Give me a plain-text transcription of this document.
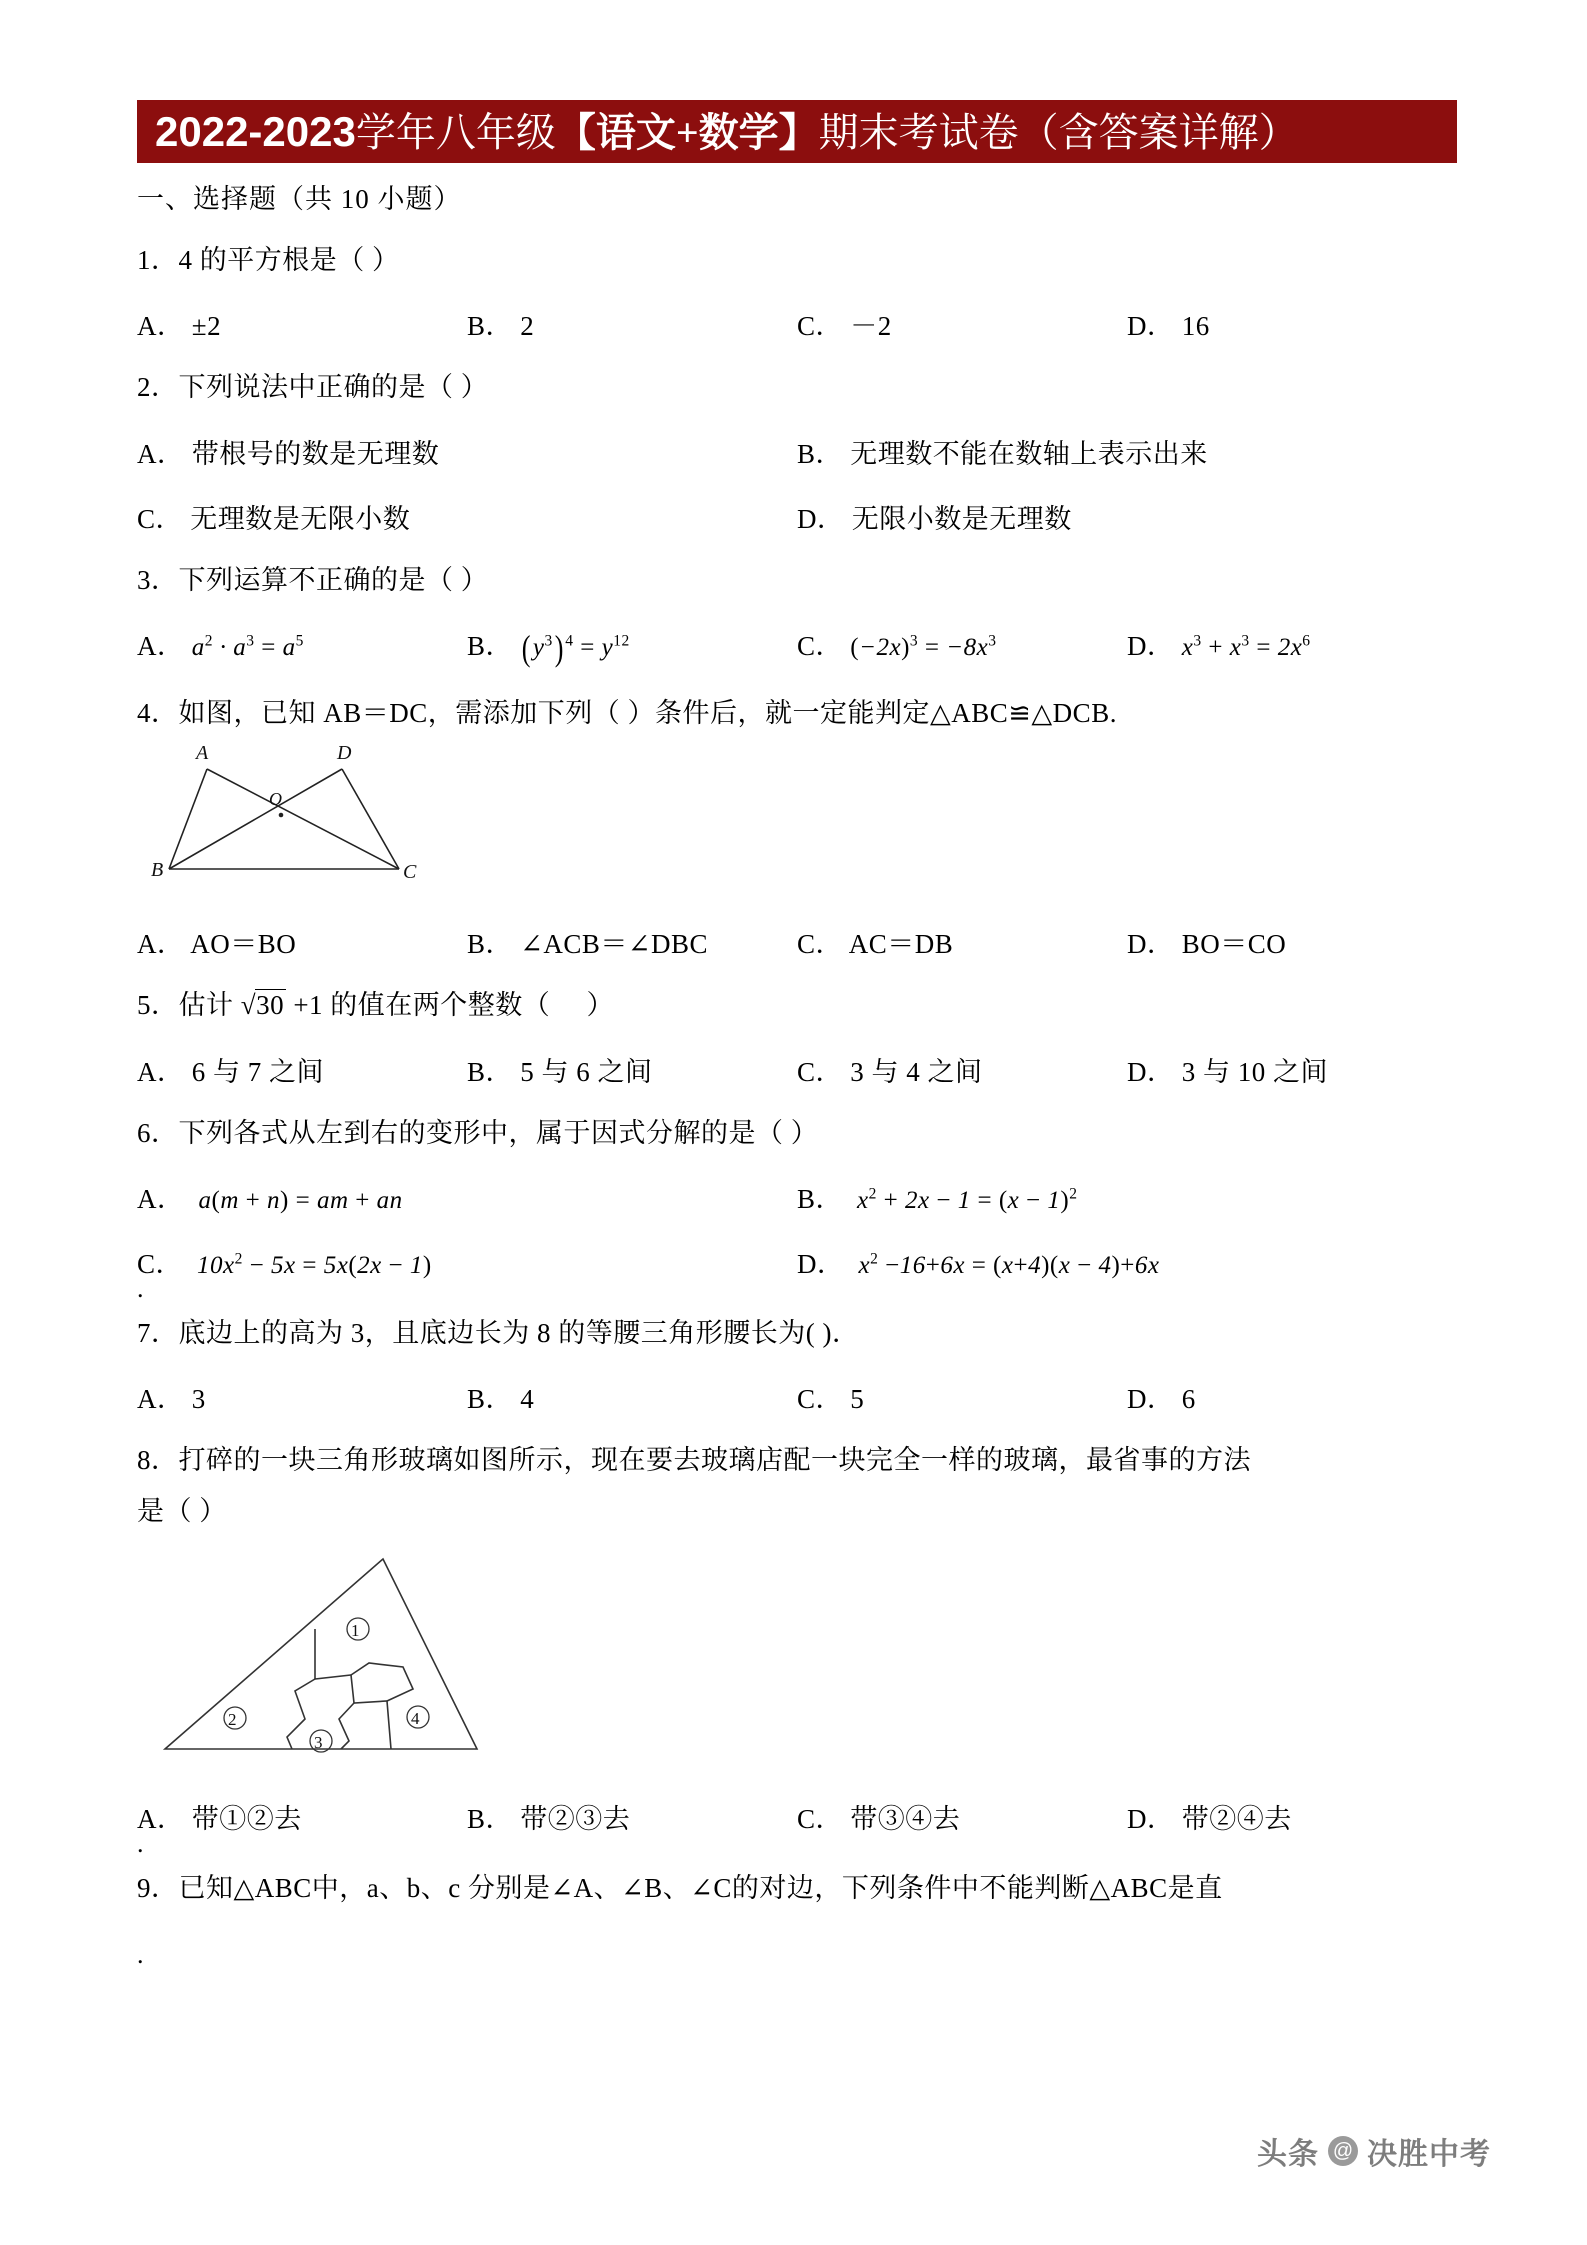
2022-2023学年八年级【语文+数学】期末考试卷（含答案详解）
一、选择题（共 10 小题）
1．4 的平方根是（ ）
A． ±2	B． 2	C． －2	D． 16
2．下列说法中正确的是（ ）
A． 带根号的数是无理数	B． 无理数不能在数轴上表示出来
C． 无理数是无限小数	D． 无限小数是无理数
3．下列运算不正确的是（ ）
A． $a^2 \cdot a^3 = a^5$	B． $(y^3) ^4 = y^{12}$	C． $(-2x)^3 = -8x^3$	D． $x^3 + x^3 = 2x^6$
4．如图，已知 AB＝DC，需添加下列（ ）条件后，就一定能判定△ABC≌△DCB.
A	D
O
B	C
A． AO＝BO	B． ∠ACB＝∠DBC	C． AC＝DB	D． BO＝CO
5．估计 √30 +1 的值在两个整数（     ）
A． 6 与 7 之间	B． 5 与 6 之间	C． 3 与 4 之间	D． 3 与 10 之间
6．下列各式从左到右的变形中，属于因式分解的是（ ）
A．  a(m + n) = am + an	B．  $x^2 + 2x - 1 = (x - 1)^2$
C．  $10x^2 - 5x = 5x(2x - 1)$	D．  $x^2 -16+6x = (x+4)(x - 4)+6x$
.
7．底边上的高为 3，且底边长为 8 的等腰三角形腰长为( )．
A． 3	B． 4	C． 5	D． 6
8．打碎的一块三角形玻璃如图所示，现在要去玻璃店配一块完全一样的玻璃，最省事的方法
是（ ）
1
2
3
4
A． 带①②去	B． 带②③去	C． 带③④去	D． 带②④去
.
9．已知△ABC中，a、b、c 分别是∠A、∠B、∠C的对边，下列条件中不能判断△ABC是直
.
头条 @ 决胜中考
